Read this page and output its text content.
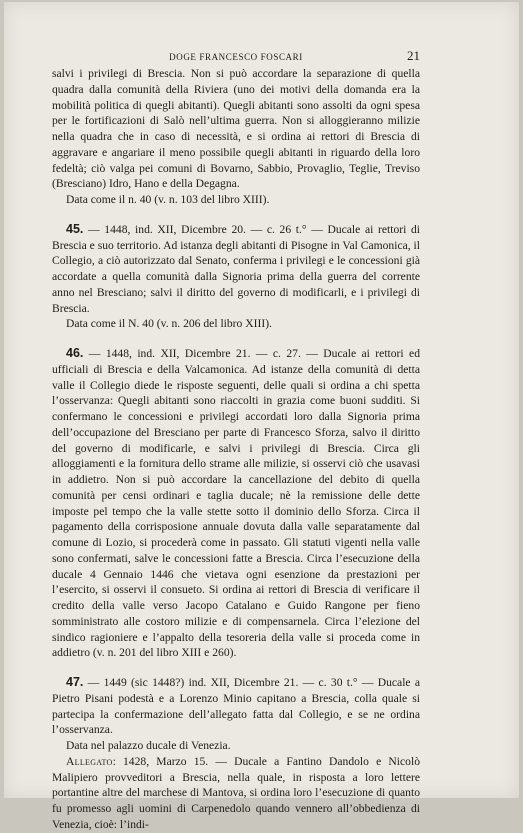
DOGE FRANCESCO FOSCARI	21

salvi i privilegi di Brescia. Non si può accordare la separazione di quella quadra dalla comunità della Riviera (uno dei motivi della domanda era la mobilità politica di quegli abitanti). Quegli abitanti sono assolti da ogni spesa per le fortificazioni di Salò nell’ultima guerra. Non si alloggieranno milizie nella quadra che in caso di necessità, e si ordina ai rettori di Brescia di aggravare e angariare il meno possibile quegli abitanti in riguardo della loro fedeltà; ciò valga pei comuni di Bovarno, Sabbio, Provaglio, Teglie, Treviso (Bresciano) Idro, Hano e della Degagna.

Data come il n. 40 (v. n. 103 del libro XIII).

45. — 1448, ind. XII, Dicembre 20. — c. 26 t.° — Ducale ai rettori di Brescia e suo territorio. Ad istanza degli abitanti di Pisogne in Val Camonica, il Collegio, a ciò autorizzato dal Senato, conferma i privilegi e le concessioni già accordate a quella comunità dalla Signoria prima della guerra del corrente anno nel Bresciano; salvi il diritto del governo di modificarli, e i privilegi di Brescia.

Data come il N. 40 (v. n. 206 del libro XIII).

46. — 1448, ind. XII, Dicembre 21. — c. 27. — Ducale ai rettori ed ufficiali di Brescia e della Valcamonica. Ad istanze della comunità di detta valle il Collegio diede le risposte seguenti, delle quali si ordina a chi spetta l’osservanza: Quegli abitanti sono riaccolti in grazia come buoni sudditi. Si confermano le concessioni e privilegi accordati loro dalla Signoria prima dell’occupazione del Bresciano per parte di Francesco Sforza, salvo il diritto del governo di modificarle, e salvi i privilegi di Brescia. Circa gli alloggiamenti e la fornitura dello strame alle milizie, si osservi ciò che usavasi in addietro. Non si può accordare la cancellazione del debito di quella comunità per censi ordinari e taglia ducale; nè la remissione delle dette imposte pel tempo che la valle stette sotto il dominio dello Sforza. Circa il pagamento della corrisposione annuale dovuta dalla valle separatamente dal comune di Lozio, si procederà come in passato. Gli statuti vigenti nella valle sono confermati, salve le concessioni fatte a Brescia. Circa l’esecuzione della ducale 4 Gennaio 1446 che vietava ogni esenzione da prestazioni per l’esercito, si osservi il consueto. Si ordina ai rettori di Brescia di verificare il credito della valle verso Jacopo Catalano e Guido Rangone per fieno somministrato alle costoro milizie e di compensarnela. Circa l’elezione del sindico ragioniere e l’appalto della tesoreria della valle si proceda come in addietro (v. n. 201 del libro XIII e 260).

47. — 1449 (sic 1448?) ind. XII, Dicembre 21. — c. 30 t.° — Ducale a Pietro Pisani podestà e a Lorenzo Minio capitano a Brescia, colla quale si partecipa la confermazione dell’allegato fatta dal Collegio, e se ne ordina l’osservanza.

Data nel palazzo ducale di Venezia.

Allegato: 1428, Marzo 15. — Ducale a Fantino Dandolo e Nicolò Malipiero provveditori a Brescia, nella quale, in risposta a loro lettere portantine altre del marchese di Mantova, si ordina loro l’esecuzione di quanto fu promesso agli uomini di Carpenedolo quando vennero all’obbedienza di Venezia, cioè: l’indi-
